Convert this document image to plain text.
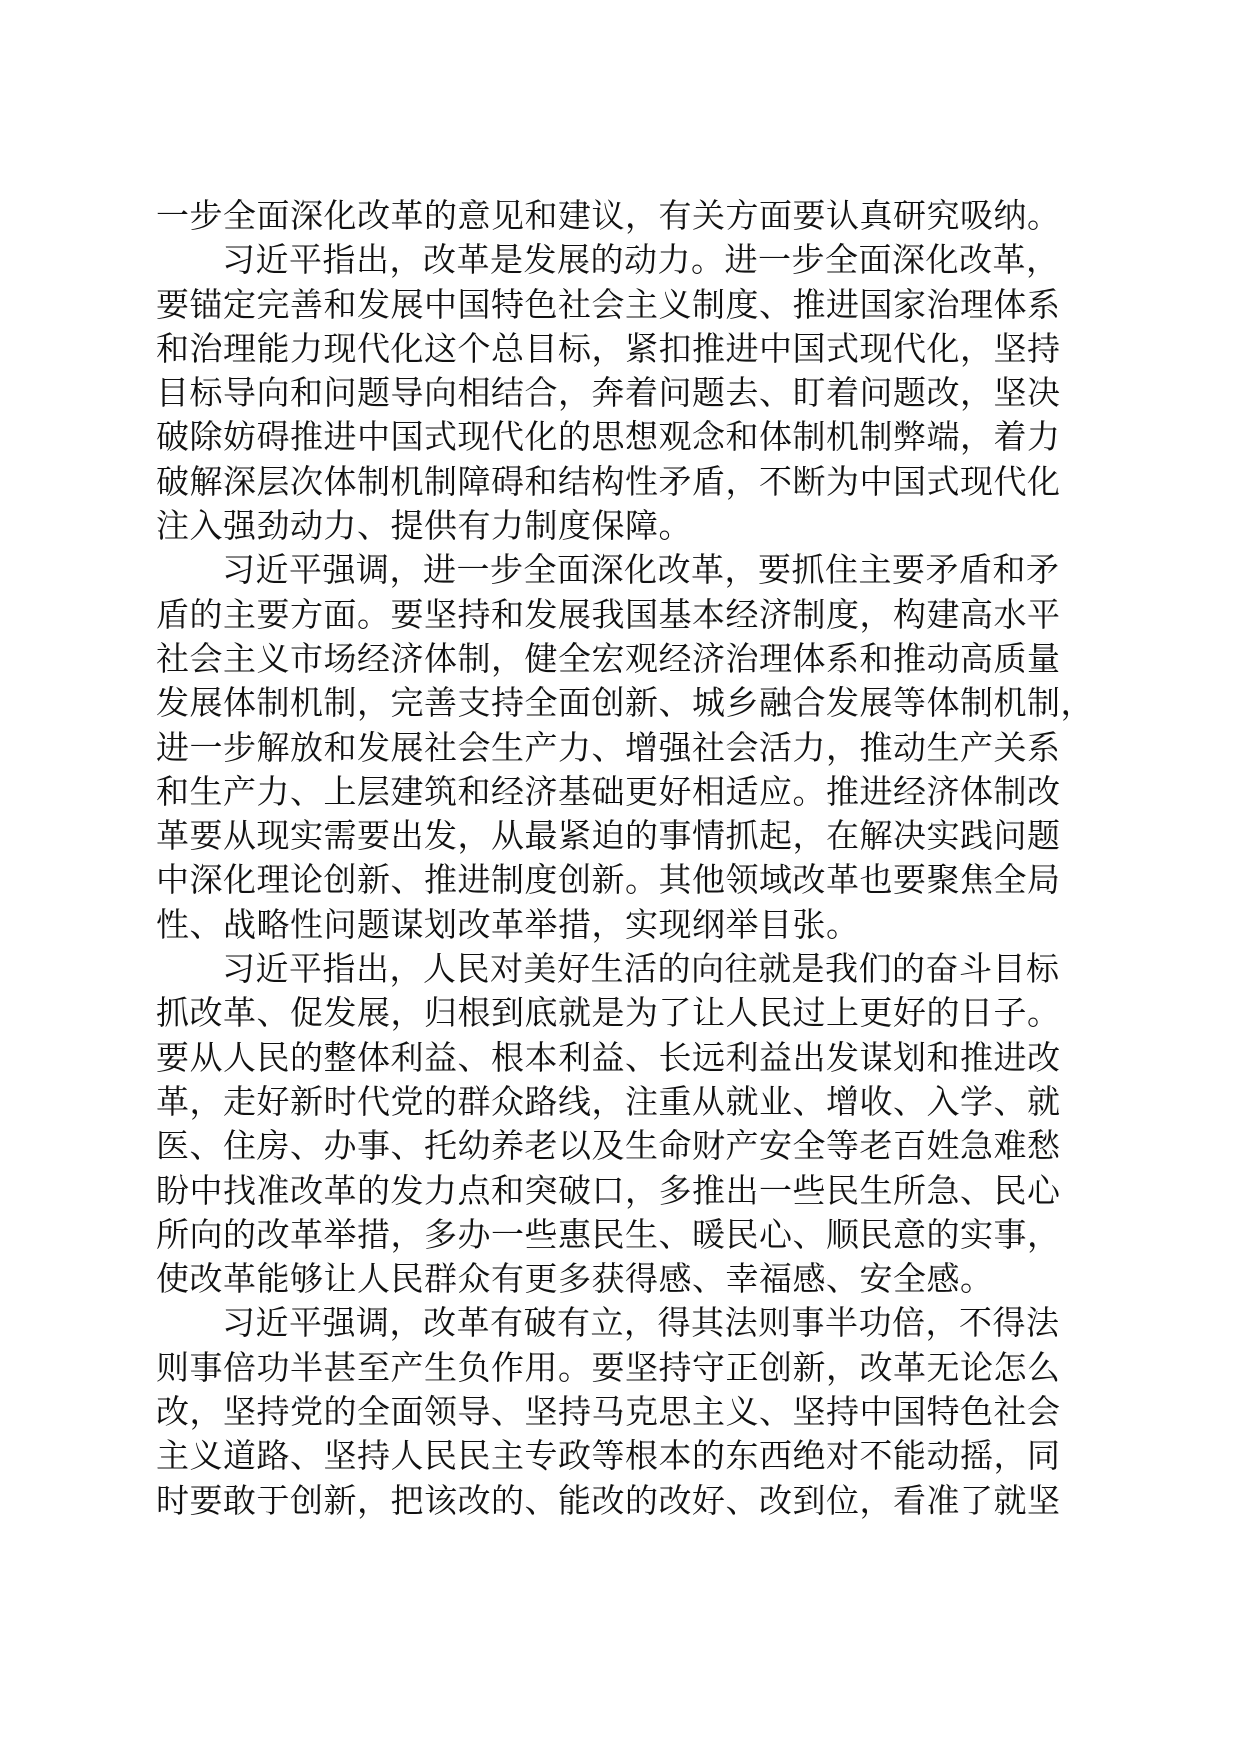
一步全面深化改革的意见和建议，有关方面要认真研究吸纳。
习近平指出，改革是发展的动力。进一步全面深化改革，
要锚定完善和发展中国特色社会主义制度、推进国家治理体系
和治理能力现代化这个总目标，紧扣推进中国式现代化，坚持
目标导向和问题导向相结合，奔着问题去、盯着问题改，坚决
破除妨碍推进中国式现代化的思想观念和体制机制弊端，着力
破解深层次体制机制障碍和结构性矛盾，不断为中国式现代化
注入强劲动力、提供有力制度保障。
习近平强调，进一步全面深化改革，要抓住主要矛盾和矛
盾的主要方面。要坚持和发展我国基本经济制度，构建高水平
社会主义市场经济体制，健全宏观经济治理体系和推动高质量
发展体制机制，完善支持全面创新、城乡融合发展等体制机制，
进一步解放和发展社会生产力、增强社会活力，推动生产关系
和生产力、上层建筑和经济基础更好相适应。推进经济体制改
革要从现实需要出发，从最紧迫的事情抓起，在解决实践问题
中深化理论创新、推进制度创新。其他领域改革也要聚焦全局
性、战略性问题谋划改革举措，实现纲举目张。
习近平指出，人民对美好生活的向往就是我们的奋斗目标
抓改革、促发展，归根到底就是为了让人民过上更好的日子。
要从人民的整体利益、根本利益、长远利益出发谋划和推进改
革，走好新时代党的群众路线，注重从就业、增收、入学、就
医、住房、办事、托幼养老以及生命财产安全等老百姓急难愁
盼中找准改革的发力点和突破口，多推出一些民生所急、民心
所向的改革举措，多办一些惠民生、暖民心、顺民意的实事，
使改革能够让人民群众有更多获得感、幸福感、安全感。
习近平强调，改革有破有立，得其法则事半功倍，不得法
则事倍功半甚至产生负作用。要坚持守正创新，改革无论怎么
改，坚持党的全面领导、坚持马克思主义、坚持中国特色社会
主义道路、坚持人民民主专政等根本的东西绝对不能动摇，同
时要敢于创新，把该改的、能改的改好、改到位，看准了就坚
